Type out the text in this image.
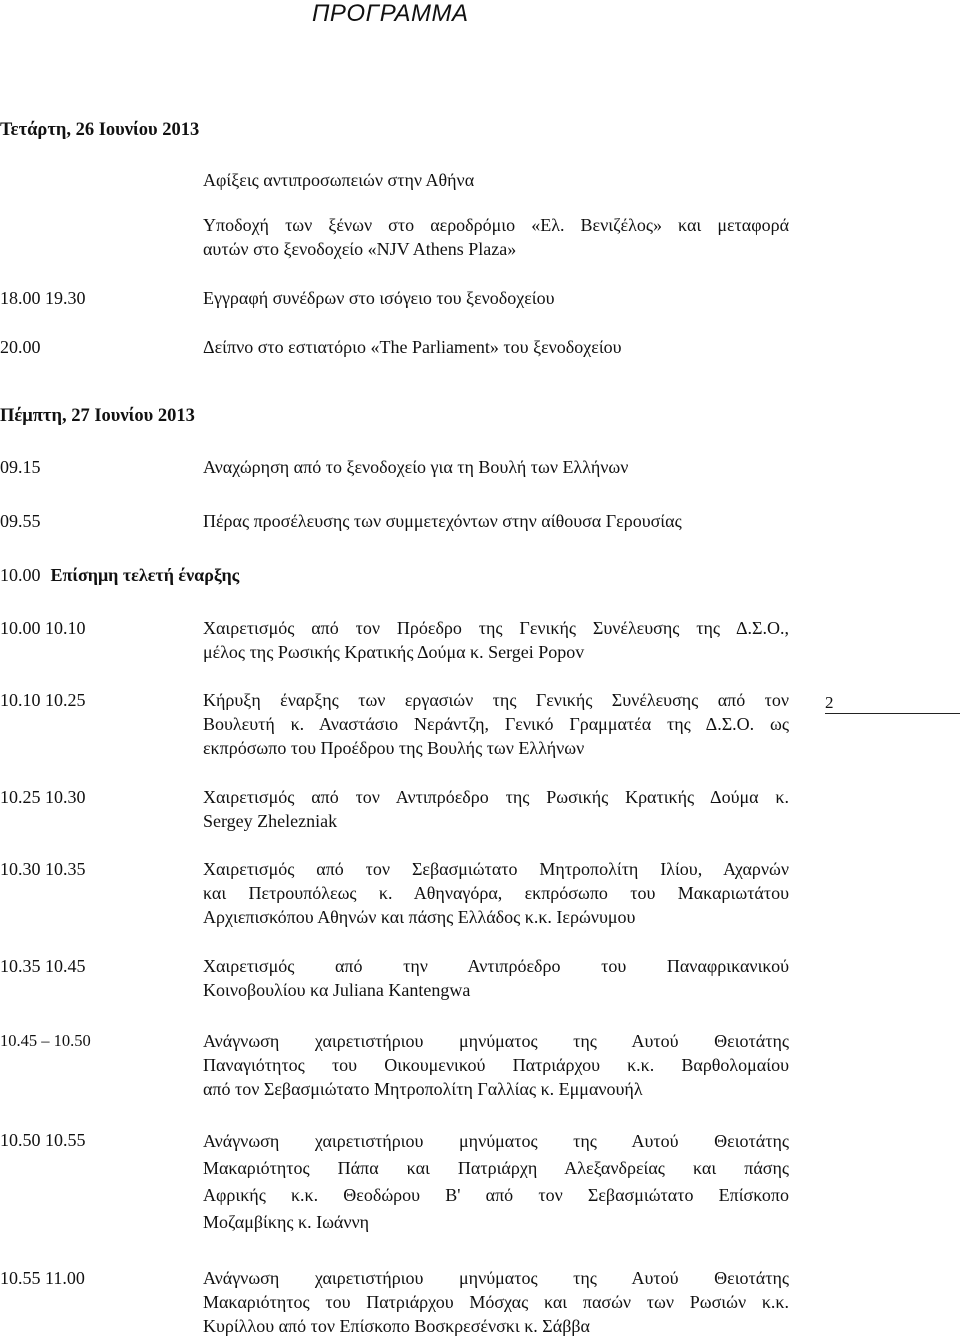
ΠΡΟΓΡΑΜΜΑ
Τετάρτη, 26 Ιουνίου 2013
Αφίξεις αντιπροσωπειών στην Αθήνα
Υποδοχή των ξένων στο αεροδρόμιο «Ελ. Βενιζέλος» και μεταφορά
αυτών στο ξενοδοχείο «NJV Athens Plaza»
18.00 19.30	Εγγραφή συνέδρων στο ισόγειο του ξενοδοχείου
20.00	Δείπνο στο εστιατόριο «The Parliament» του ξενοδοχείου
Πέμπτη, 27 Ιουνίου 2013
09.15	Αναχώρηση από το ξενοδοχείο για τη Βουλή των Ελλήνων
09.55	Πέρας προσέλευσης των συμμετεχόντων στην αίθουσα Γερουσίας
10.00 Επίσημη τελετή έναρξης
10.00 10.10	Χαιρετισμός από τον Πρόεδρο της Γενικής Συνέλευσης της Δ.Σ.Ο.,
μέλος της Ρωσικής Κρατικής Δούμα κ. Sergei Popov
10.10 10.25	Κήρυξη έναρξης των εργασιών της Γενικής Συνέλευσης από τον
Βουλευτή κ. Αναστάσιο Νεράντζη, Γενικό Γραμματέα της Δ.Σ.Ο. ως
εκπρόσωπο του Προέδρου της Βουλής των Ελλήνων
10.25 10.30	Χαιρετισμός από τον Αντιπρόεδρο της Ρωσικής Κρατικής Δούμα κ.
Sergey Zhelezniak
10.30 10.35	Χαιρετισμός από τον Σεβασμιώτατο Μητροπολίτη Ιλίου, Αχαρνών
και Πετρουπόλεως κ. Αθηναγόρα, εκπρόσωπο του Μακαριωτάτου
Αρχιεπισκόπου Αθηνών και πάσης Ελλάδος κ.κ. Ιερώνυμου
10.35 10.45	Χαιρετισμός από την Αντιπρόεδρο του Παναφρικανικού
Κοινοβουλίου κα Juliana Kantengwa
10.45 – 10.50	Ανάγνωση χαιρετιστήριου μηνύματος της Αυτού Θειοτάτης
Παναγιότητος του Οικουμενικού Πατριάρχου κ.κ. Βαρθολομαίου
από τον Σεβασμιώτατο Μητροπολίτη Γαλλίας κ. Εμμανουήλ
10.50 10.55	Ανάγνωση χαιρετιστήριου μηνύματος της Αυτού Θειοτάτης
Μακαριότητος Πάπα και Πατριάρχη Αλεξανδρείας και πάσης
Αφρικής κ.κ. Θεοδώρου Β' από τον Σεβασμιώτατο Επίσκοπο
Μοζαμβίκης κ. Ιωάννη
10.55 11.00	Ανάγνωση χαιρετιστήριου μηνύματος της Αυτού Θειοτάτης
Μακαριότητος του Πατριάρχου Μόσχας και πασών των Ρωσιών κ.κ.
Κυρίλλου από τον Επίσκοπο Βοσκρεσένσκι κ. Σάββα
2
